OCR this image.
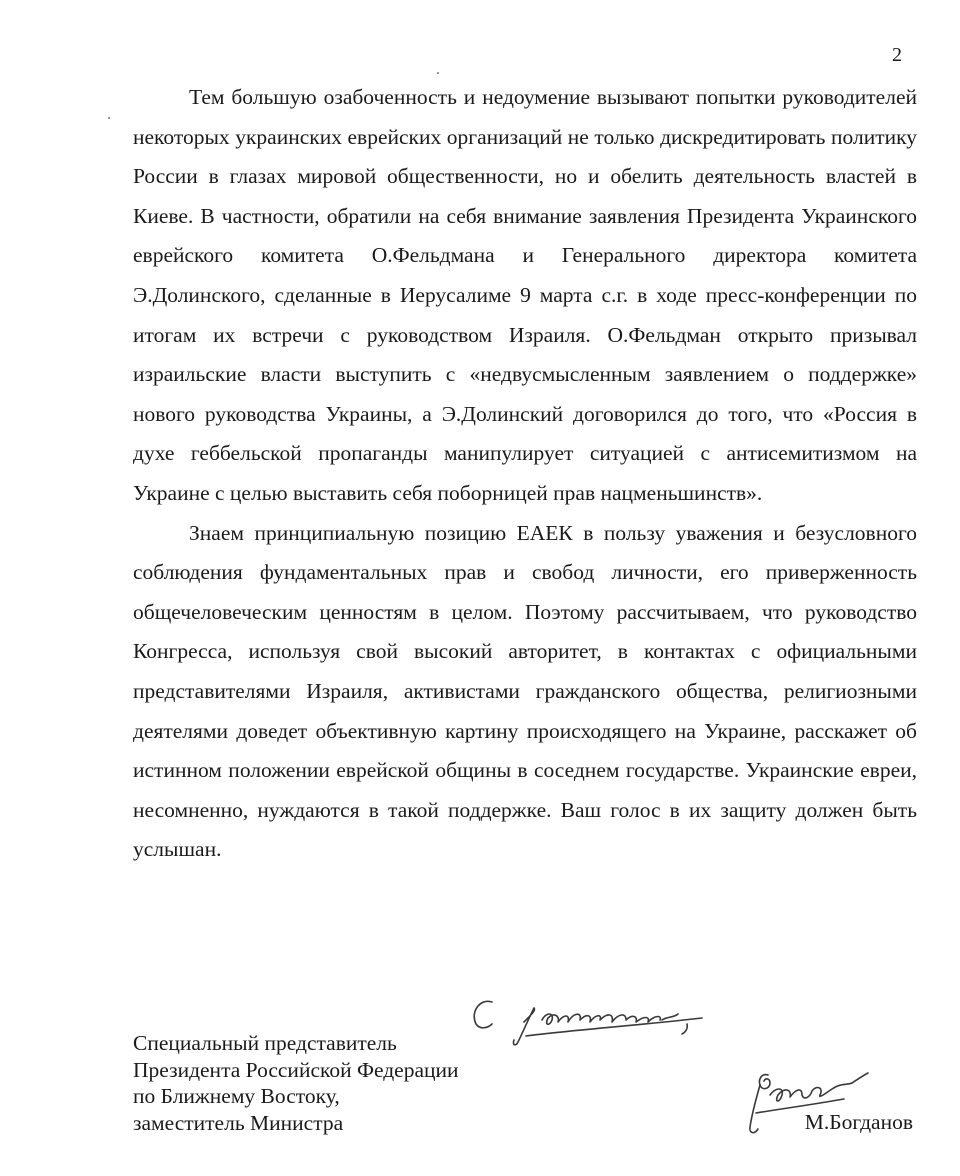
2

Тем большую озабоченность и недоумение вызывают попытки руководителей некоторых украинских еврейских организаций не только дискредитировать политику России в глазах мировой общественности, но и обелить деятельность властей в Киеве. В частности, обратили на себя внимание заявления Президента Украинского еврейского комитета О.Фельдмана и Генерального директора комитета Э.Долинского, сделанные в Иерусалиме 9 марта с.г. в ходе пресс-конференции по итогам их встречи с руководством Израиля. О.Фельдман открыто призывал израильские власти выступить с «недвусмысленным заявлением о поддержке» нового руководства Украины, а Э.Долинский договорился до того, что «Россия в духе геббельской пропаганды манипулирует ситуацией с антисемитизмом на Украине с целью выставить себя поборницей прав нацменьшинств».

Знаем принципиальную позицию ЕАЕК в пользу уважения и безусловного соблюдения фундаментальных прав и свобод личности, его приверженность общечеловеческим ценностям в целом. Поэтому рассчитываем, что руководство Конгресса, используя свой высокий авторитет, в контактах с официальными представителями Израиля, активистами гражданского общества, религиозными деятелями доведет объективную картину происходящего на Украине, расскажет об истинном положении еврейской общины в соседнем государстве. Украинские евреи, несомненно, нуждаются в такой поддержке. Ваш голос в их защиту должен быть услышан.

Специальный представитель
Президента Российской Федерации
по Ближнему Востоку,
заместитель Министра	М.Богданов
